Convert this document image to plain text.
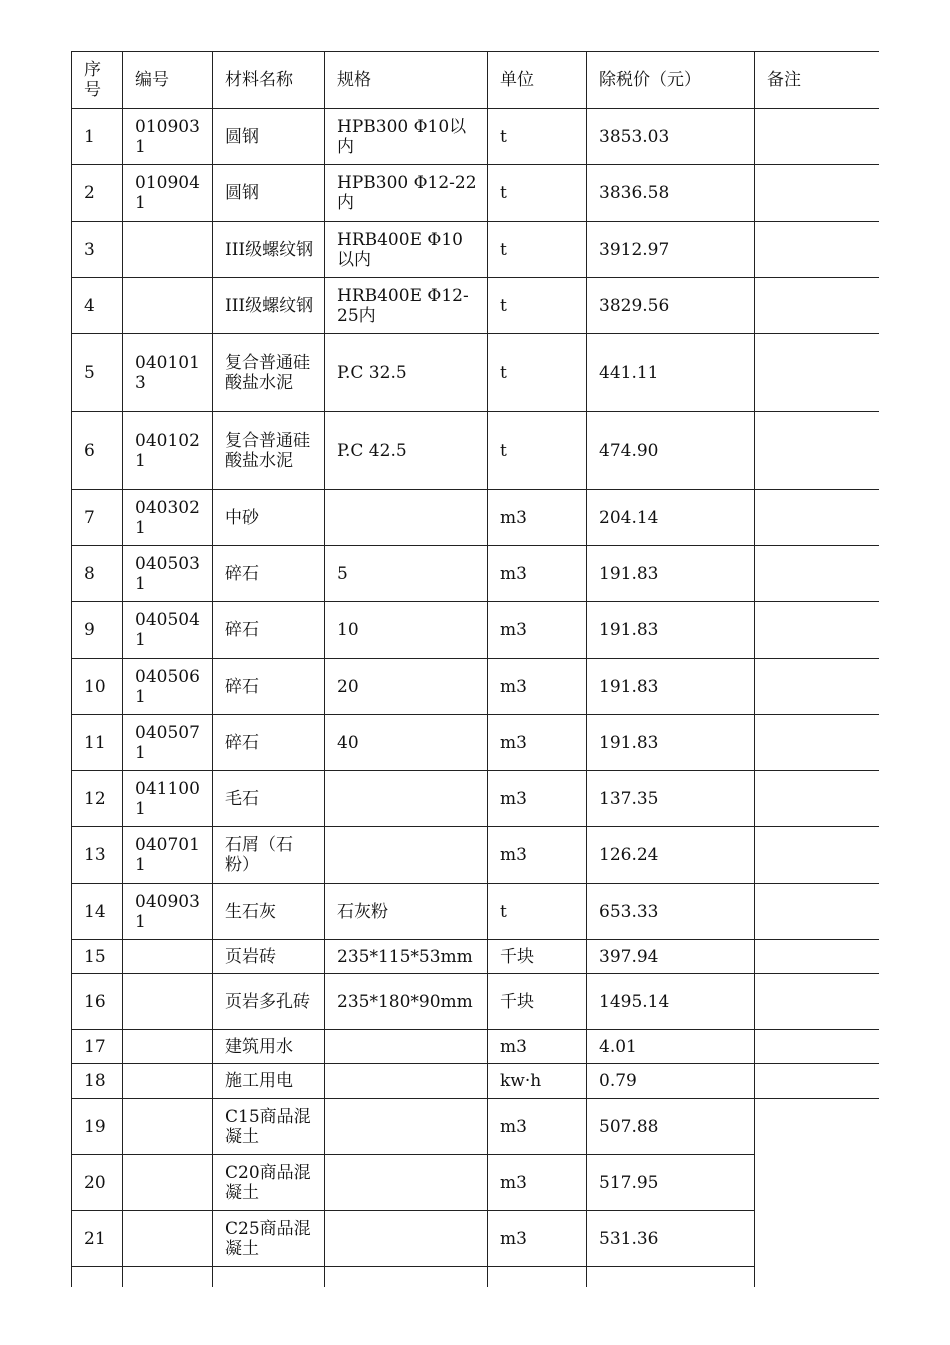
序号	编号	材料名称	规格	单位	除税价（元）	备注
1	0109031	圆钢	HPB300 Φ10以内	t	3853.03	
2	0109041	圆钢	HPB300 Φ12-22内	t	3836.58	
3		III级螺纹钢	HRB400E Φ10以内	t	3912.97	
4		III级螺纹钢	HRB400E Φ12-25内	t	3829.56	
5	0401013	复合普通硅酸盐水泥	P.C 32.5	t	441.11	
6	0401021	复合普通硅酸盐水泥	P.C 42.5	t	474.90	
7	0403021	中砂		m3	204.14	
8	0405031	碎石	5	m3	191.83	
9	0405041	碎石	10	m3	191.83	
10	0405061	碎石	20	m3	191.83	
11	0405071	碎石	40	m3	191.83	
12	0411001	毛石		m3	137.35	
13	0407011	石屑（石粉）		m3	126.24	
14	0409031	生石灰	石灰粉	t	653.33	
15		页岩砖	235*115*53mm	千块	397.94	
16		页岩多孔砖	235*180*90mm	千块	1495.14	
17		建筑用水		m3	4.01	
18		施工用电		kw·h	0.79	
19		C15商品混凝土		m3	507.88	
20		C20商品混凝土		m3	517.95	
21		C25商品混凝土		m3	531.36	
